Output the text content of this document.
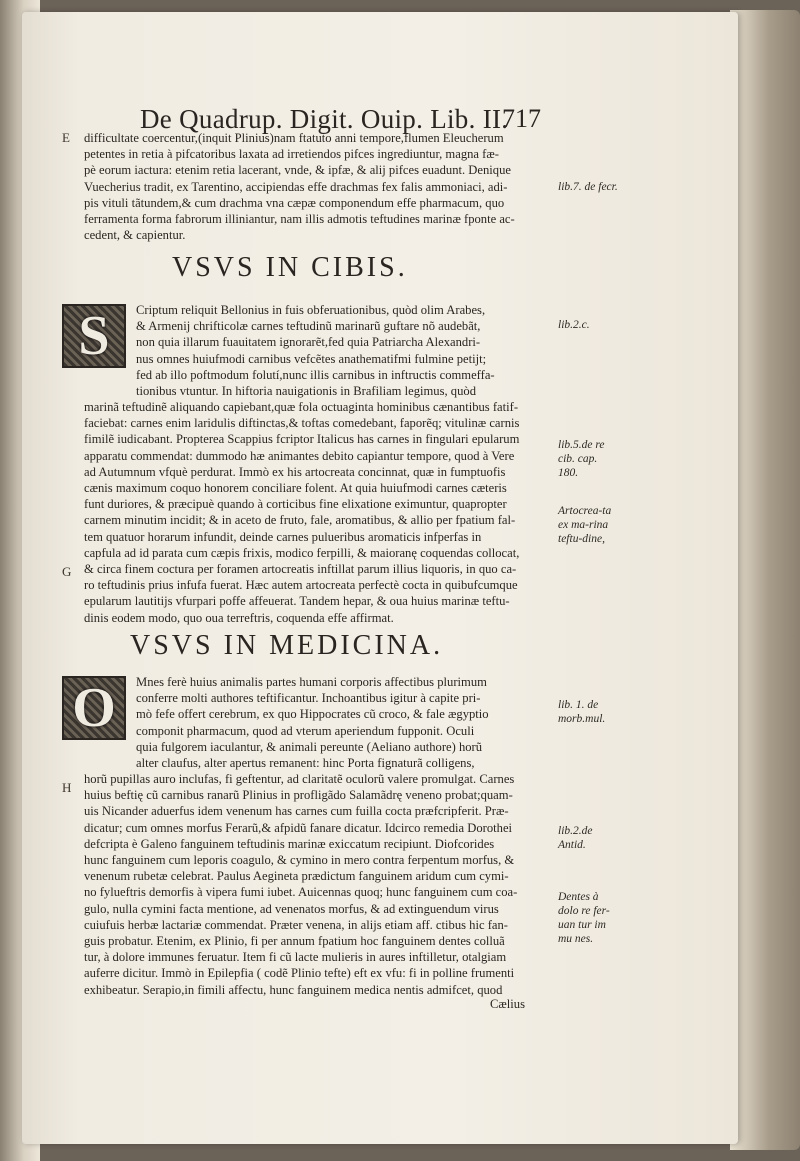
De Quadrup. Digit. Ouip. Lib. II.
717
E
G
H

difficultate coercentur,(inquit Plinius)nam ftatuto anni tempore,flumen Eleucherum

petentes in retia à pifcatoribus laxata ad irretiendos pifces ingrediuntur, magna fæ-

pè eorum iactura: etenim retia lacerant, vnde, & ipfæ, & alij pifces euadunt. Denique

Vuecherius tradit, ex Tarentino, accipiendas effe drachmas fex falis ammoniaci, adi-

pis vituli tãtundem,& cum drachma vna cæpæ componendum effe pharmacum, quo

ferramenta forma fabrorum illiniantur, nam illis admotis teftudines marinæ fponte ac-

cedent, & capientur.

VSVS IN CIBIS.
S Criptum reliquit Bellonius in fuis obferuationibus, quòd olim Arabes,

& Armenij chrifticolæ carnes teftudinũ marinarũ guftare nõ audebãt,

non quia illarum fuauitatem ignorarẽt,fed quia Patriarcha Alexandri-

nus omnes huiufmodi carnibus vefcẽtes anathematifmi fulmine petijt;

fed ab illo poftmodum folutí,nunc illis carnibus in inftructis commeffa-

tionibus vtuntur. In hiftoria nauigationis in Brafiliam legimus, quòd

marinã teftudinẽ aliquando capiebant,quæ fola octuaginta hominibus cænantibus fatif-

faciebat: carnes enim laridulis diftinctas,& toftas comedebant, faporẽq; vitulinæ carnis

fimilẽ iudicabant. Propterea Scappius fcriptor Italicus has carnes in fingulari epularum

apparatu commendat: dummodo hæ animantes debito capiantur tempore, quod à Vere

ad Autumnum vfquè perdurat. Immò ex his artocreata concinnat, quæ in fumptuofis

cænis maximum coquo honorem conciliare folent. At quia huiufmodi carnes cæteris

funt duriores, & præcipuè quando à corticibus fine elixatione eximuntur, quapropter

carnem minutim incidit; & in aceto de fruto, fale, aromatibus, & allio per fpatium fal-

tem quatuor horarum infundit, deinde carnes pulueribus aromaticis infperfas in

capfula ad id parata cum cæpis frixis, modico ferpilli, & maioranę coquendas collocat,

& circa finem coctura per foramen artocreatis inftillat parum illius liquoris, in quo ca-

ro teftudinis prius infufa fuerat. Hæc autem artocreata perfectè cocta in quibufcumque

epularum lautitijs vfurpari poffe affeuerat. Tandem hepar, & oua huius marinæ teftu-

dinis eodem modo, quo oua terreftris, coquenda effe affirmat.

VSVS IN MEDICINA.
O Mnes ferè huius animalis partes humani corporis affectibus plurimum

conferre molti authores teftificantur. Inchoantibus igitur à capite pri-

mò fefe offert cerebrum, ex quo Hippocrates cũ croco, & fale ægyptio

componit pharmacum, quod ad vterum aperiendum fupponit. Oculi

quia fulgorem iaculantur, & animali pereunte (Aeliano authore) horũ

alter claufus, alter apertus remanent: hinc Porta fignaturã colligens,

horũ pupillas auro inclufas, fi geftentur, ad claritatẽ oculorũ valere promulgat. Carnes

huius beftię cũ carnibus ranarũ Plinius in profligãdo Salamãdrę veneno probat;quam-

uis Nicander aduerfus idem venenum has carnes cum fuilla cocta præfcripferit. Præ-

dicatur; cum omnes morfus Ferarũ,& afpidũ fanare dicatur. Idcirco remedia Dorothei

defcripta è Galeno fanguinem teftudinis marinæ exiccatum recipiunt. Diofcorides

hunc fanguinem cum leporis coagulo, & cymino in mero contra ferpentum morfus, &

venenum rubetæ celebrat. Paulus Aegineta prædictum fanguinem aridum cum cymi-

no fylueftris demorfis à vipera fumi iubet. Auicennas quoq; hunc fanguinem cum coa-

gulo, nulla cymini facta mentione, ad venenatos morfus, & ad extinguendum virus

cuiufuis herbæ lactariæ commendat. Præter venena, in alijs etiam aff. ctibus hic fan-

guis probatur. Etenim, ex Plinio, fi per annum fpatium hoc fanguinem dentes colluã

tur, à dolore immunes feruatur. Item fi cũ lacte mulieris in aures inftilletur, otalgiam

auferre dicitur. Immò in Epilepfia ( codẽ Plinio tefte) eft ex vfu: fi in polline frumenti

exhibeatur. Serapio,in fimili affectu, hunc fanguinem medica nentis admifcet, quod

Cælius
lib.7. de fecr.
lib.2.c.
lib.5.de re cib. cap. 180.
Artocrea-ta ex ma-rina teftu-dine,
lib. 1. de morb.mul.
lib.2.de Antid.
Dentes à dolo re fer-uan tur im mu nes.
